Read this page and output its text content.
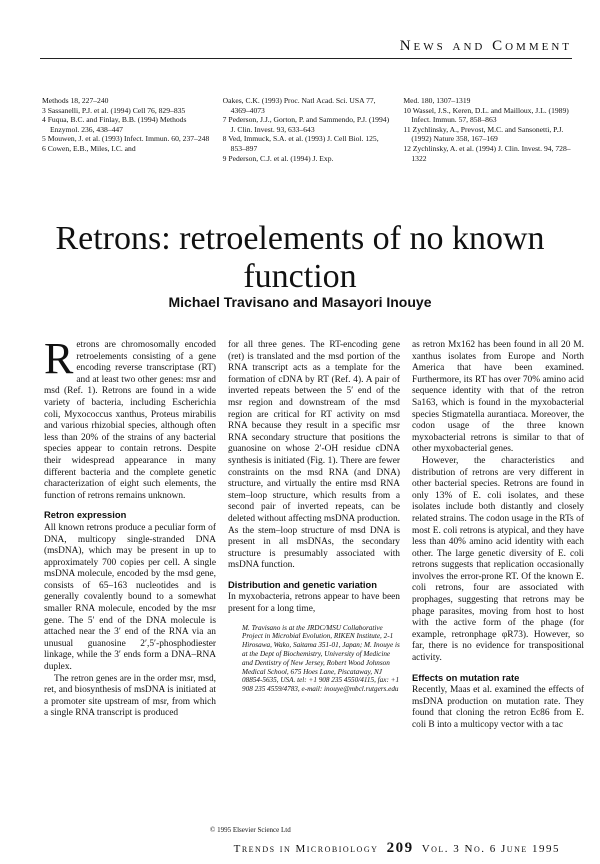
News and Comment
Methods 18, 227–240
3 Sassanelli, P.J. et al. (1994) Cell 76, 829–835
4 Fuqua, B.C. and Finlay, B.B. (1994) Methods Enzymol. 236, 438–447
5 Mouwen, J. et al. (1993) Infect. Immun. 60, 237–248
6 Cowen, E.B., Miles, I.C. and
Oakes, C.K. (1993) Proc. Natl Acad. Sci. USA 77, 4369–4073
7 Pederson, J.J., Gorton, P. and Sammendo, P.J. (1994) J. Clin. Invest. 93, 633–643
8 Ved, Immuck, S.A. et al. (1993) J. Cell Biol. 125, 853–897
9 Pederson, C.J. et al. (1994) J. Exp.
Med. 180, 1307–1319
10 Wassel, J.S., Keren, D.L. and Mailloux, J.L. (1989) Infect. Immun. 57, 858–863
11 Zychlinsky, A., Prevost, M.C. and Sansonetti, P.J. (1992) Nature 358, 167–169
12 Zychlinsky, A. et al. (1994) J. Clin. Invest. 94, 728–1322
Retrons: retroelements of no known function
Michael Travisano and Masayori Inouye

Retrons are chromosomally encoded retroelements consisting of a gene encoding reverse transcriptase (RT) and at least two other genes: msr and msd (Ref. 1). Retrons are found in a wide variety of bacteria, including Escherichia coli, Myxococcus xanthus, Proteus mirabilis and various rhizobial species, although often less than 20% of the strains of any bacterial species appear to contain retrons. Despite their widespread appearance in many different bacteria and the complete genetic characterization of eight such elements, the function of retrons remains unknown.

Retron expression

All known retrons produce a peculiar form of DNA, multicopy single-stranded DNA (msDNA), which may be present in up to approximately 700 copies per cell. A single msDNA molecule, encoded by the msd gene, consists of 65–163 nucleotides and is generally covalently bound to a somewhat smaller RNA molecule, encoded by the msr gene. The 5′ end of the DNA molecule is attached near the 3′ end of the RNA via an unusual guanosine 2′,5′-phosphodiester linkage, while the 3′ ends form a DNA–RNA duplex.

The retron genes are in the order msr, msd, ret, and biosynthesis of msDNA is initiated at a promoter site upstream of msr, from which a single RNA transcript is produced

for all three genes. The RT-encoding gene (ret) is translated and the msd portion of the RNA transcript acts as a template for the formation of cDNA by RT (Ref. 4). A pair of inverted repeats between the 5′ end of the msr region and downstream of the msd region are critical for RT activity on msd RNA because they result in a specific msr RNA secondary structure that positions the guanosine on whose 2′-OH residue cDNA synthesis is initiated (Fig. 1). There are fewer constraints on the msd RNA (and DNA) structure, and virtually the entire msd RNA stem–loop structure, which results from a second pair of inverted repeats, can be deleted without affecting msDNA production. As the stem–loop structure of msd DNA is present in all msDNAs, the secondary structure is presumably associated with msDNA function.

Distribution and genetic variation

In myxobacteria, retrons appear to have been present for a long time,

M. Travisano is at the JRDC/MSU Collaborative Project in Microbial Evolution, RIKEN Institute, 2-1 Hirosawa, Wako, Saitama 351-01, Japan; M. Inouye is at the Dept of Biochemistry, University of Medicine and Dentistry of New Jersey, Robert Wood Johnson Medical School, 675 Hoes Lane, Piscataway, NJ 08854-5635, USA. tel: +1 908 235 4550/4115, fax: +1 908 235 4559/4783, e-mail: inouye@mbcl.rutgers.edu

as retron Mx162 has been found in all 20 M. xanthus isolates from Europe and North America that have been examined. Furthermore, its RT has over 70% amino acid sequence identity with that of the retron Sa163, which is found in the myxobacterial species Stigmatella aurantiaca. Moreover, the codon usage of the three known myxobacterial retrons is similar to that of other myxobacterial genes.

However, the characteristics and distribution of retrons are very different in other bacterial species. Retrons are found in only 13% of E. coli isolates, and these isolates include both distantly and closely related strains. The codon usage in the RTs of most E. coli retrons is atypical, and they have less than 40% amino acid identity with each other. The large genetic diversity of E. coli retrons suggests that replication occasionally involves the error-prone RT. Of the known E. coli retrons, four are associated with prophages, suggesting that retrons may be phage parasites, moving from host to host with the active form of the phage (for example, retronphage φR73). However, so far, there is no evidence for transpositional activity.

Effects on mutation rate

Recently, Maas et al. examined the effects of msDNA production on mutation rate. They found that cloning the retron Ec86 from E. coli B into a multicopy vector with a tac

© 1995 Elsevier Science Ltd
Trends in Microbiology 209 Vol. 3 No. 6 June 1995
